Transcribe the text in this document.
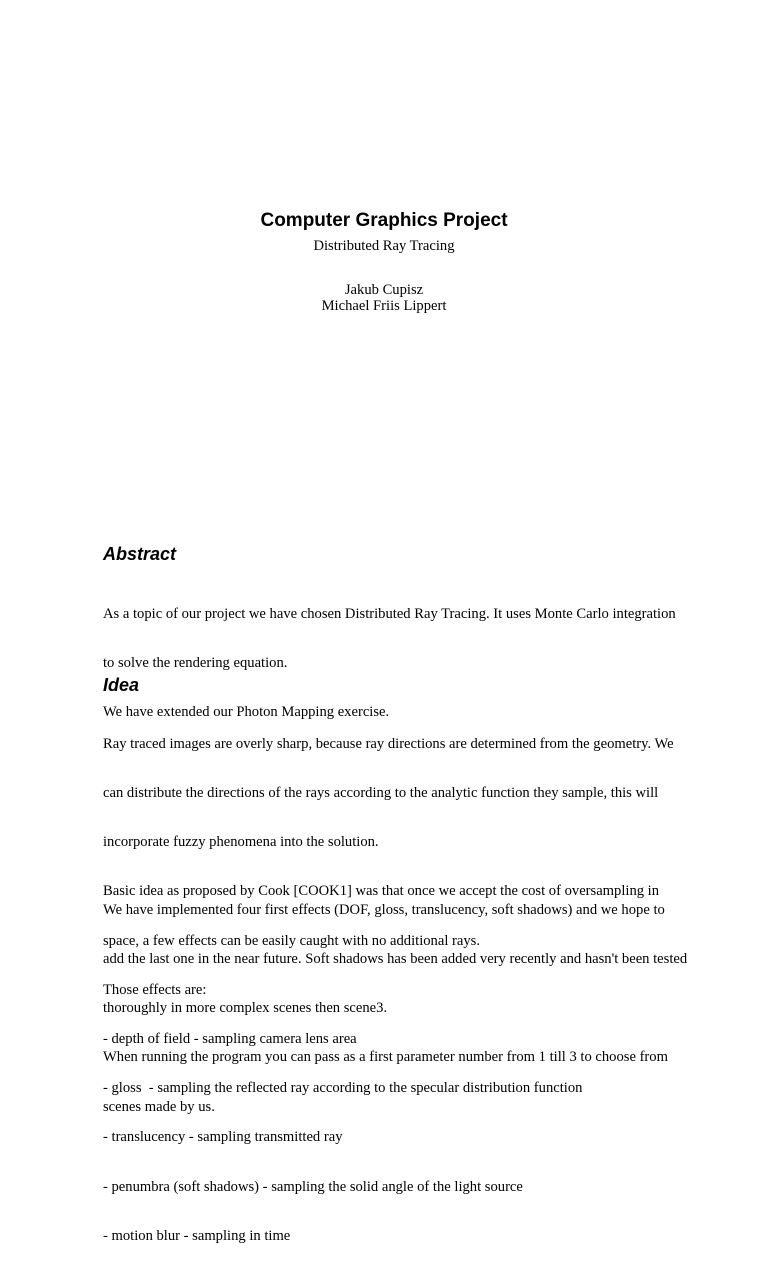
Computer Graphics Project
Distributed Ray Tracing
Jakub Cupisz
Michael Friis Lippert
Abstract

As a topic of our project we have chosen Distributed Ray Tracing. It uses Monte Carlo integration

to solve the rendering equation.

We have extended our Photon Mapping exercise.

Idea

Ray traced images are overly sharp, because ray directions are determined from the geometry. We

can distribute the directions of the rays according to the analytic function they sample, this will

incorporate fuzzy phenomena into the solution.

Basic idea as proposed by Cook [COOK1] was that once we accept the cost of oversampling in

space, a few effects can be easily caught with no additional rays.

Those effects are:

- depth of field - sampling camera lens area

- gloss  - sampling the reflected ray according to the specular distribution function

- translucency - sampling transmitted ray

- penumbra (soft shadows) - sampling the solid angle of the light source

- motion blur - sampling in time

We have implemented four first effects (DOF, gloss, translucency, soft shadows) and we hope to

add the last one in the near future. Soft shadows has been added very recently and hasn't been tested

thoroughly in more complex scenes then scene3.

When running the program you can pass as a first parameter number from 1 till 3 to choose from

scenes made by us.
